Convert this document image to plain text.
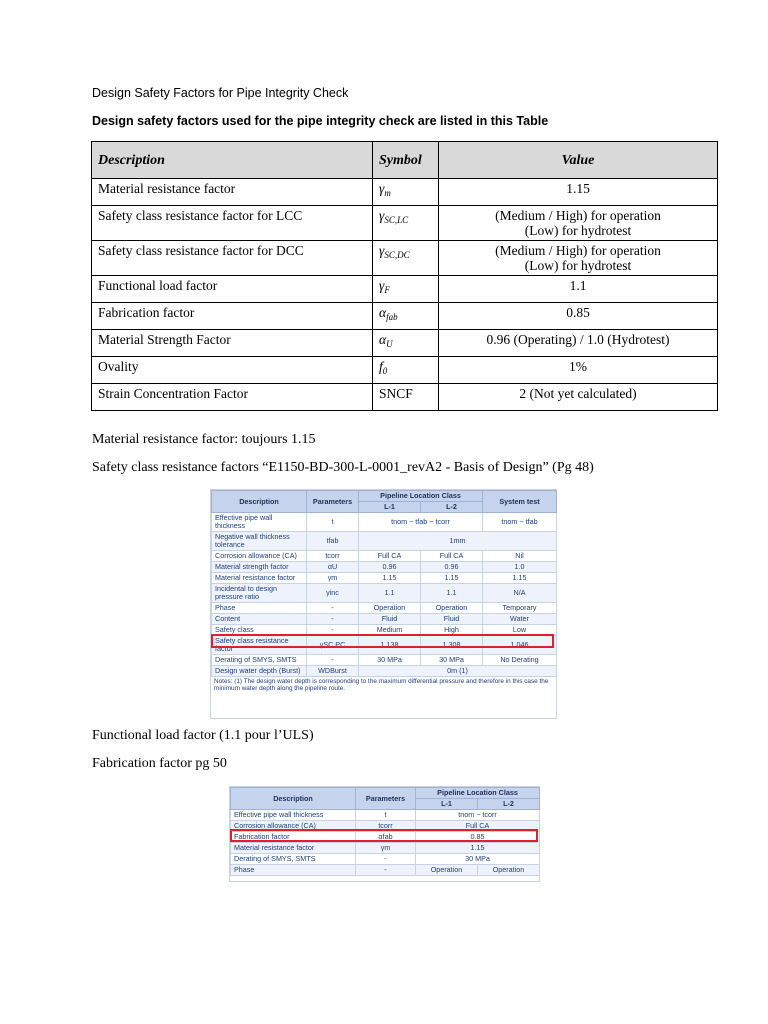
Design Safety Factors for Pipe Integrity Check
Design safety factors used for the pipe integrity check are listed in this Table
Description	Symbol	Value
Material resistance factor	$\gamma_m$	1.15

Safety class resistance factor for LCC	$\gamma_{SC,LC}$	(Medium / High) for operation
(Low) for hydrotest

Safety class resistance factor for DCC	$\gamma_{SC,DC}$	(Medium / High) for operation
(Low) for hydrotest

Functional load factor	$\gamma_F$	1.1

Fabrication factor	$\alpha_{fab}$	0.85

Material Strength Factor	$\alpha_U$	0.96 (Operating) / 1.0 (Hydrotest)

Ovality	$f_0$	1%

Strain Concentration Factor	SNCF	2 (Not yet calculated)
Material resistance factor: toujours 1.15
Safety class resistance factors “E1150-BD-300-L-0001_revA2 - Basis of Design” (Pg 48)
Description	Parameters	Pipeline Location Class		System test
		L-1	L-2	
Effective pipe wall thickness	t	tnom − tfab − tcorr		tnom − tfab
Negative wall thickness tolerance	tfab	1mm		
Corrosion allowance (CA)	tcorr	Full CA	Full CA	Nil
Material strength factor	αU	0.96	0.96	1.0
Material resistance factor	γm	1.15	1.15	1.15
Incidental to design pressure ratio	γinc	1.1	1.1	N/A
Phase	-	Operation	Operation	Temporary
Content	-	Fluid	Fluid	Water
Safety class	-	Medium	High	Low
Safety class resistance factor	γSC,PC	1.138	1.308	1.046
Derating of SMYS, SMTS	-	30 MPa	30 MPa	No Derating
Design water depth (Burst)	WDBurst	0m (1)		
Notes: (1) The design water depth is corresponding to the maximum differential pressure and therefore in this case the minimum water depth along the pipeline route.
Functional load factor (1.1 pour l’ULS)
Fabrication factor pg 50
Description	Parameters	Pipeline Location Class	
		L-1	L-2
Effective pipe wall thickness	t	tnom − tcorr	
Corrosion allowance (CA)	tcorr	Full CA	
Fabrication factor	αfab	0.85	
Material resistance factor	γm	1.15	
Derating of SMYS, SMTS	-	30 MPa	
Phase	-	Operation	Operation
